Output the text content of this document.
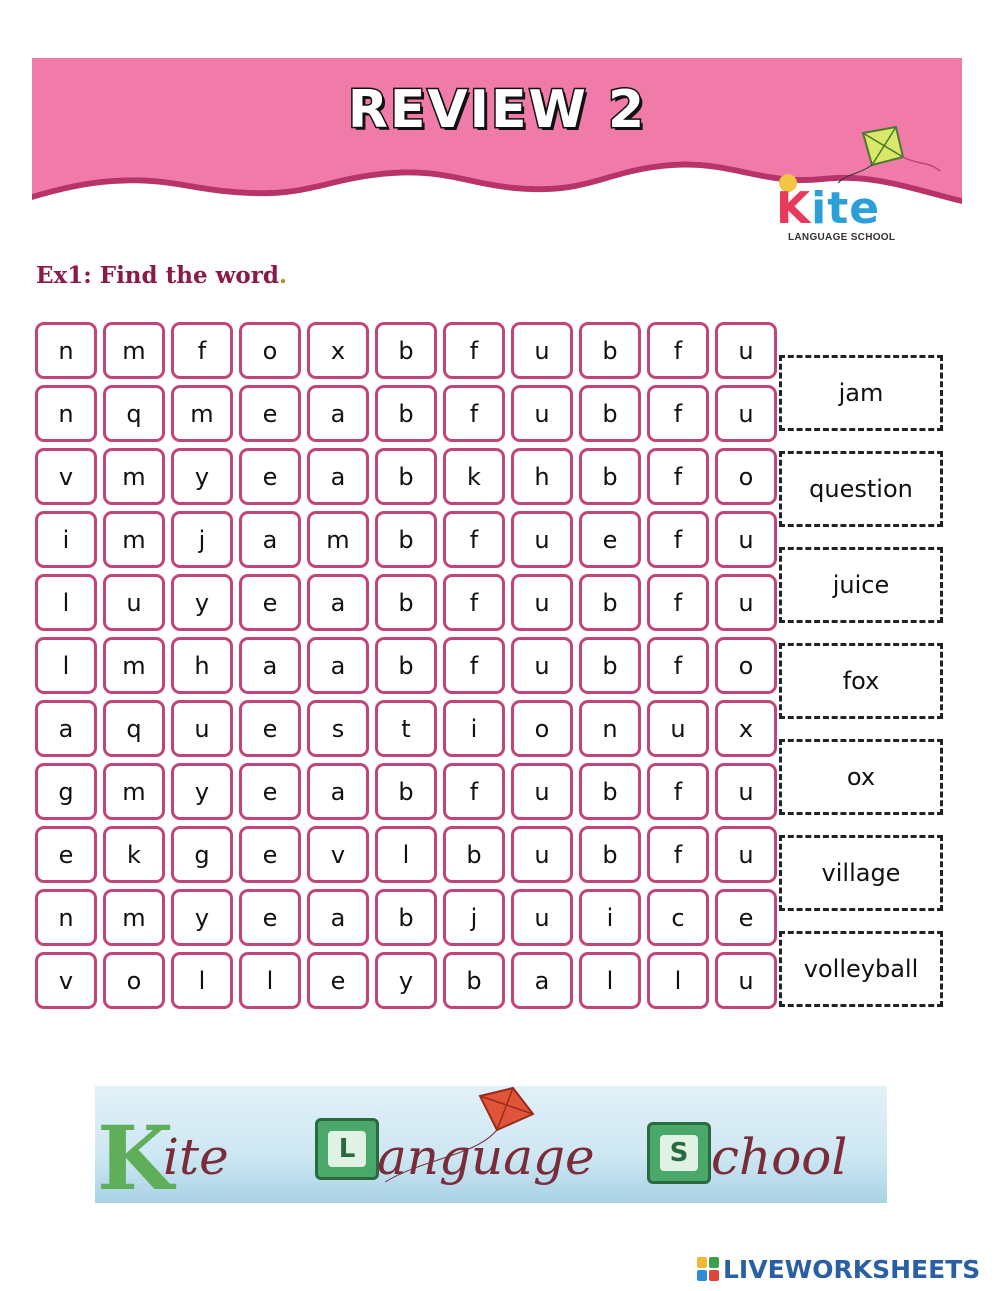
REVIEW 2
Kite
LANGUAGE SCHOOL
Ex1: Find the word.
n	m	f	o	x	b	f	u	b	f	u
n	q	m	e	a	b	f	u	b	f	u
v	m	y	e	a	b	k	h	b	f	o
i	m	j	a	m	b	f	u	e	f	u
l	u	y	e	a	b	f	u	b	f	u
l	m	h	a	a	b	f	u	b	f	o
a	q	u	e	s	t	i	o	n	u	x
g	m	y	e	a	b	f	u	b	f	u
e	k	g	e	v	l	b	u	b	f	u
n	m	y	e	a	b	j	u	i	c	e
v	o	l	l	e	y	b	a	l	l	u
jam
question
juice
fox
ox
village
volleyball
K
ite	L anguage	S chool
LIVEWORKSHEETS
